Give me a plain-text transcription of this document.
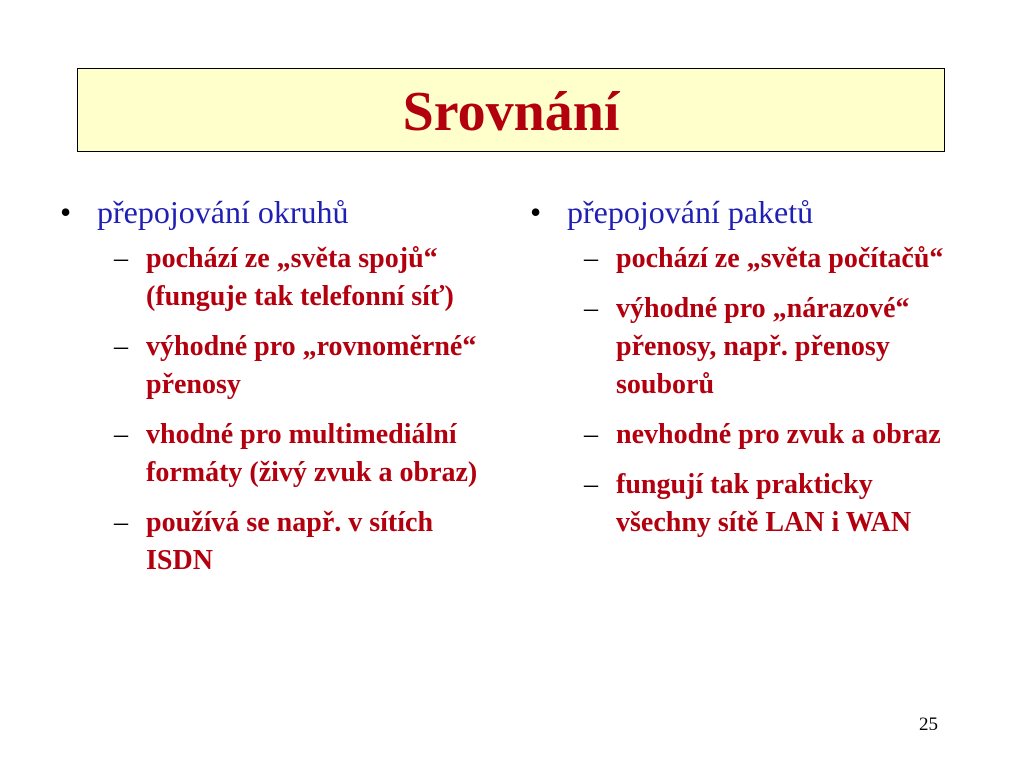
Srovnání
• přepojování okruhů
– pochází ze „světa spojů“ (funguje tak telefonní síť)
– výhodné pro „rovnoměrné“ přenosy
– vhodné pro multimediální formáty (živý zvuk a obraz)
– používá se např. v sítích ISDN
• přepojování paketů
– pochází ze „světa počítačů“
– výhodné pro „nárazové“ přenosy, např. přenosy souborů
– nevhodné pro zvuk a obraz
– fungují tak prakticky všechny sítě LAN i WAN
25
